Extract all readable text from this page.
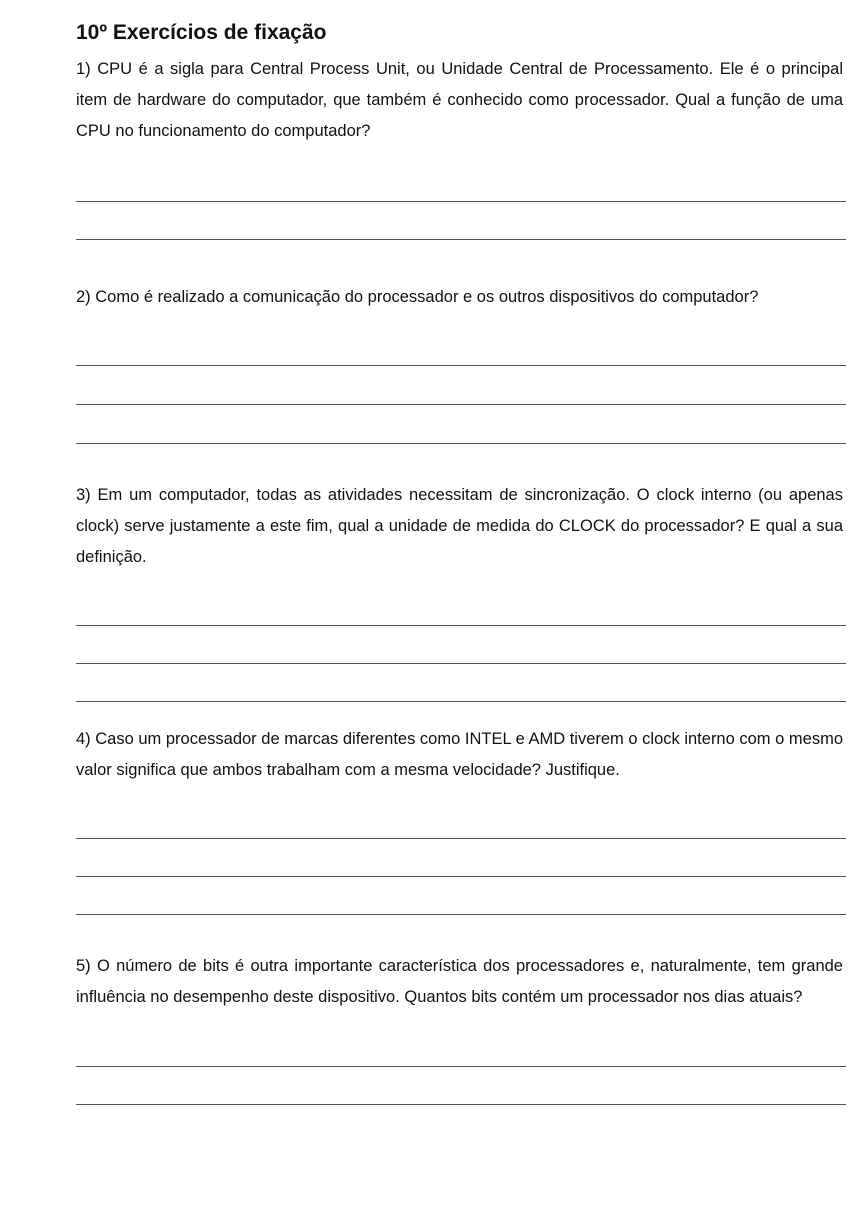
10º Exercícios de fixação

1) CPU é a sigla para Central Process Unit, ou Unidade Central de Processamento. Ele é o principal item de hardware do computador, que também é conhecido como processador. Qual a função de uma CPU no funcionamento do computador?

2) Como é realizado a comunicação do processador e os outros dispositivos do computador?

3) Em um computador, todas as atividades necessitam de sincronização. O clock interno (ou apenas clock) serve justamente a este fim, qual a unidade de medida do CLOCK do processador? E qual a sua definição.

4) Caso um processador de marcas diferentes como INTEL e AMD tiverem o clock interno com o mesmo valor significa que ambos trabalham com a mesma velocidade? Justifique.

5) O número de bits é outra importante característica dos processadores e, naturalmente, tem grande influência no desempenho deste dispositivo. Quantos bits contém um processador nos dias atuais?
